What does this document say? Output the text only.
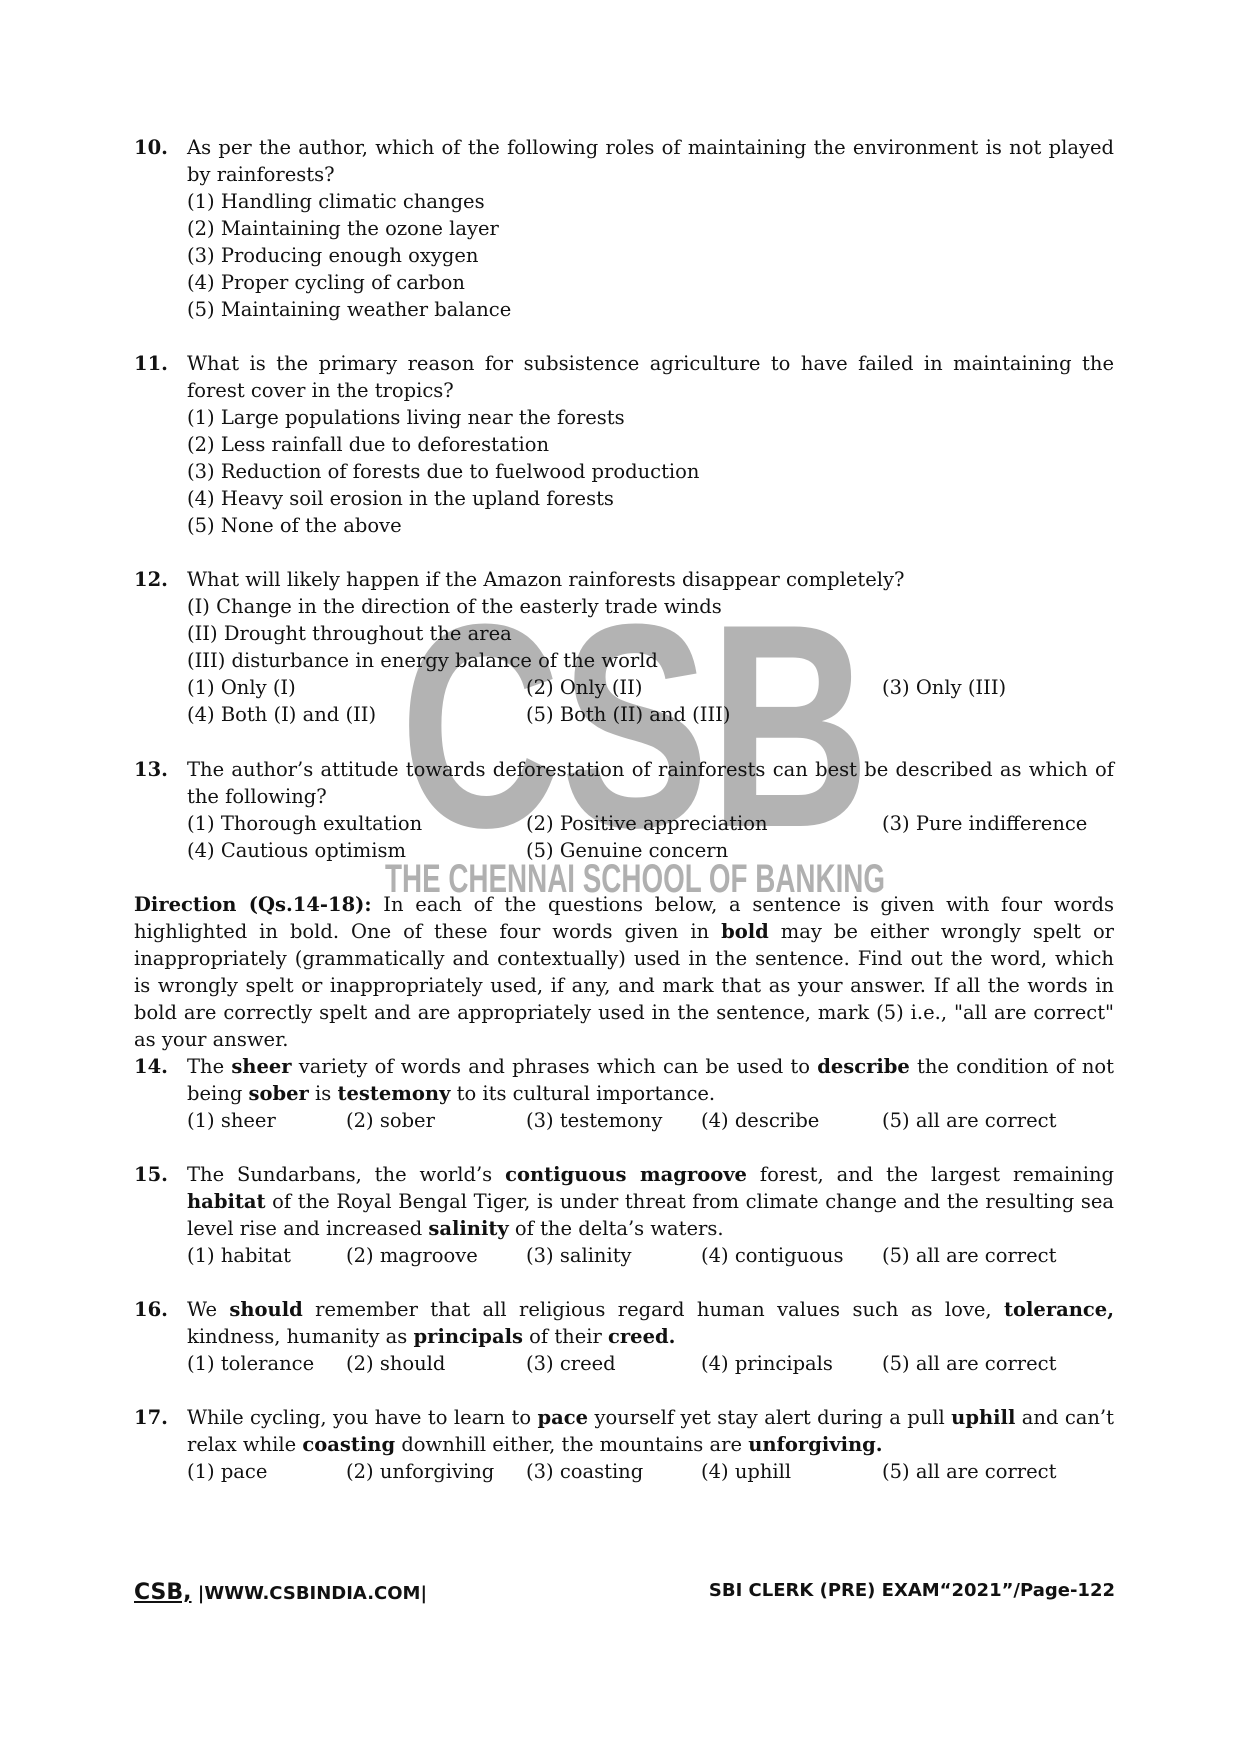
CSB
THE CHENNAI SCHOOL OF BANKING
10. As per the author, which of the following roles of maintaining the environment is not played by rainforests?
(1) Handling climatic changes
(2) Maintaining the ozone layer
(3) Producing enough oxygen
(4) Proper cycling of carbon
(5) Maintaining weather balance
11. What is the primary reason for subsistence agriculture to have failed in maintaining the forest cover in the tropics?
(1) Large populations living near the forests
(2) Less rainfall due to deforestation
(3) Reduction of forests due to fuelwood production
(4) Heavy soil erosion in the upland forests
(5) None of the above
12. What will likely happen if the Amazon rainforests disappear completely?
(I) Change in the direction of the easterly trade winds
(II) Drought throughout the area
(III) disturbance in energy balance of the world
(1) Only (I)	(2) Only (II)	(3) Only (III)
(4) Both (I) and (II)	(5) Both (II) and (III)
13. The author’s attitude towards deforestation of rainforests can best be described as which of the following?
(1) Thorough exultation	(2) Positive appreciation	(3) Pure indifference
(4) Cautious optimism	(5) Genuine concern
Direction (Qs.14-18): In each of the questions below, a sentence is given with four words highlighted in bold. One of these four words given in bold may be either wrongly spelt or inappropriately (grammatically and contextually) used in the sentence. Find out the word, which is wrongly spelt or inappropriately used, if any, and mark that as your answer. If all the words in bold are correctly spelt and are appropriately used in the sentence, mark (5) i.e., "all are correct" as your answer.
14. The sheer variety of words and phrases which can be used to describe the condition of not being sober is testemony to its cultural importance.
(1) sheer	(2) sober	(3) testemony (4) describe	(5) all are correct
15. The Sundarbans, the world’s contiguous magroove forest, and the largest remaining habitat of the Royal Bengal Tiger, is under threat from climate change and the resulting sea level rise and increased salinity of the delta’s waters.
(1) habitat	(2) magroove (3) salinity	(4) contiguous (5) all are correct
16. We should remember that all religious regard human values such as love, tolerance, kindness, humanity as principals of their creed.
(1) tolerance (2) should	(3) creed	(4) principals	(5) all are correct
17. While cycling, you have to learn to pace yourself yet stay alert during a pull uphill and can’t relax while coasting downhill either, the mountains are unforgiving.
(1) pace	(2) unforgiving (3) coasting	(4) uphill	(5) all are correct
CSB, |WWW.CSBINDIA.COM|	SBI CLERK (PRE) EXAM“2021”/Page-122
